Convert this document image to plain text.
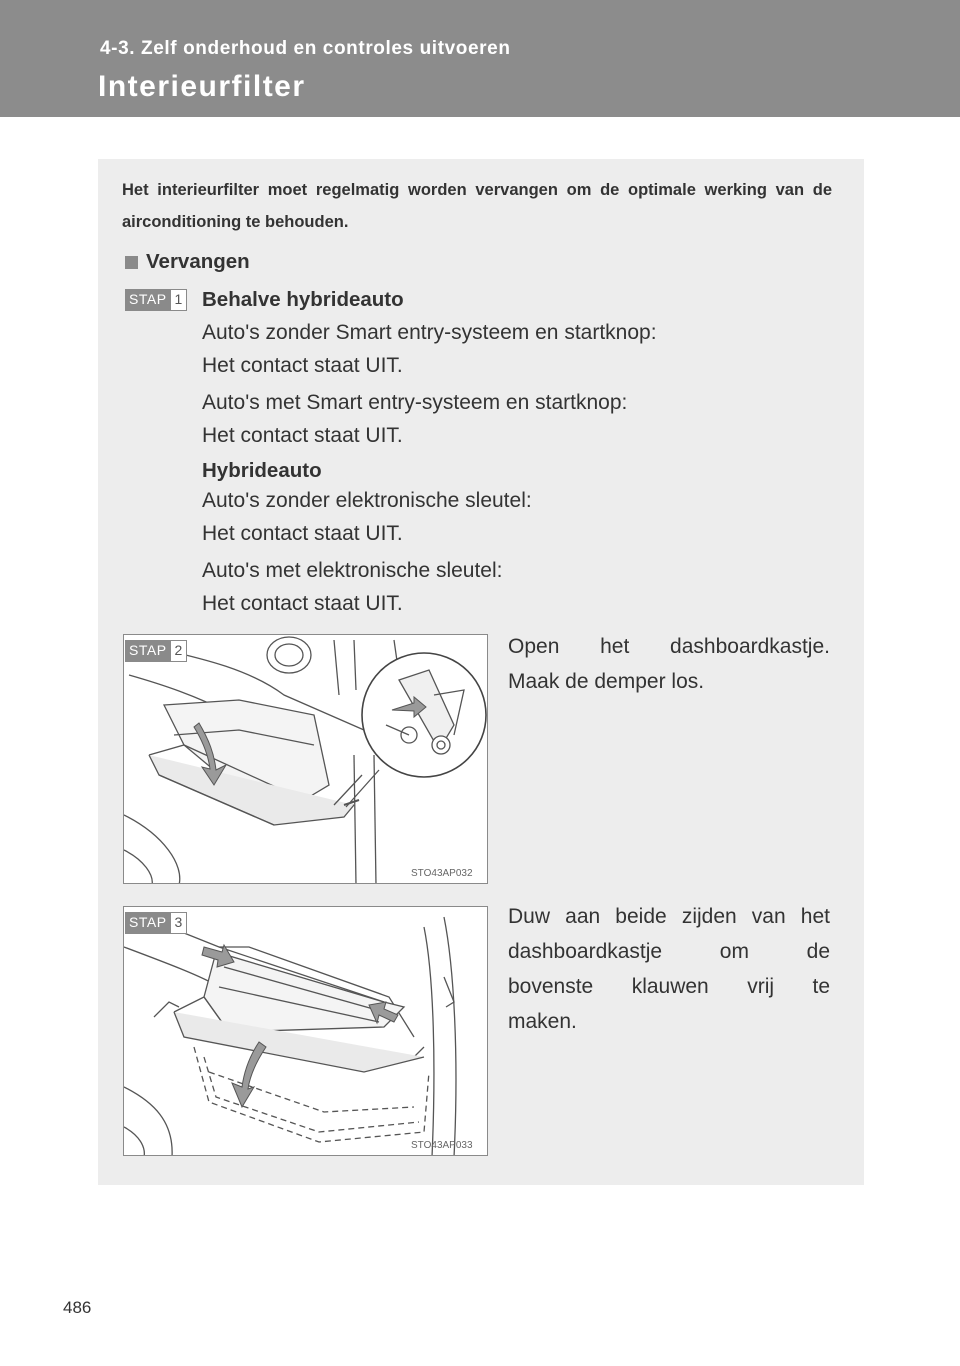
4-3. Zelf onderhoud en controles uitvoeren
Interieurfilter
Het interieurfilter moet regelmatig worden vervangen om de optimale werking van de airconditioning te behouden.
Vervangen
STAP 1 Behalve hybrideauto
Auto's zonder Smart entry-systeem en startknop:
Het contact staat UIT.
Auto's met Smart entry-systeem en startknop:
Het contact staat UIT.
Hybrideauto
Auto's zonder elektronische sleutel:
Het contact staat UIT.
Auto's met elektronische sleutel:
Het contact staat UIT.
STAP 2
STO43AP032
Open het dashboardkastje.
Maak de demper los.
STAP 3
STO43AP033
Duw aan beide zijden van het
dashboardkastje om de
bovenste klauwen vrij te
maken.
486
